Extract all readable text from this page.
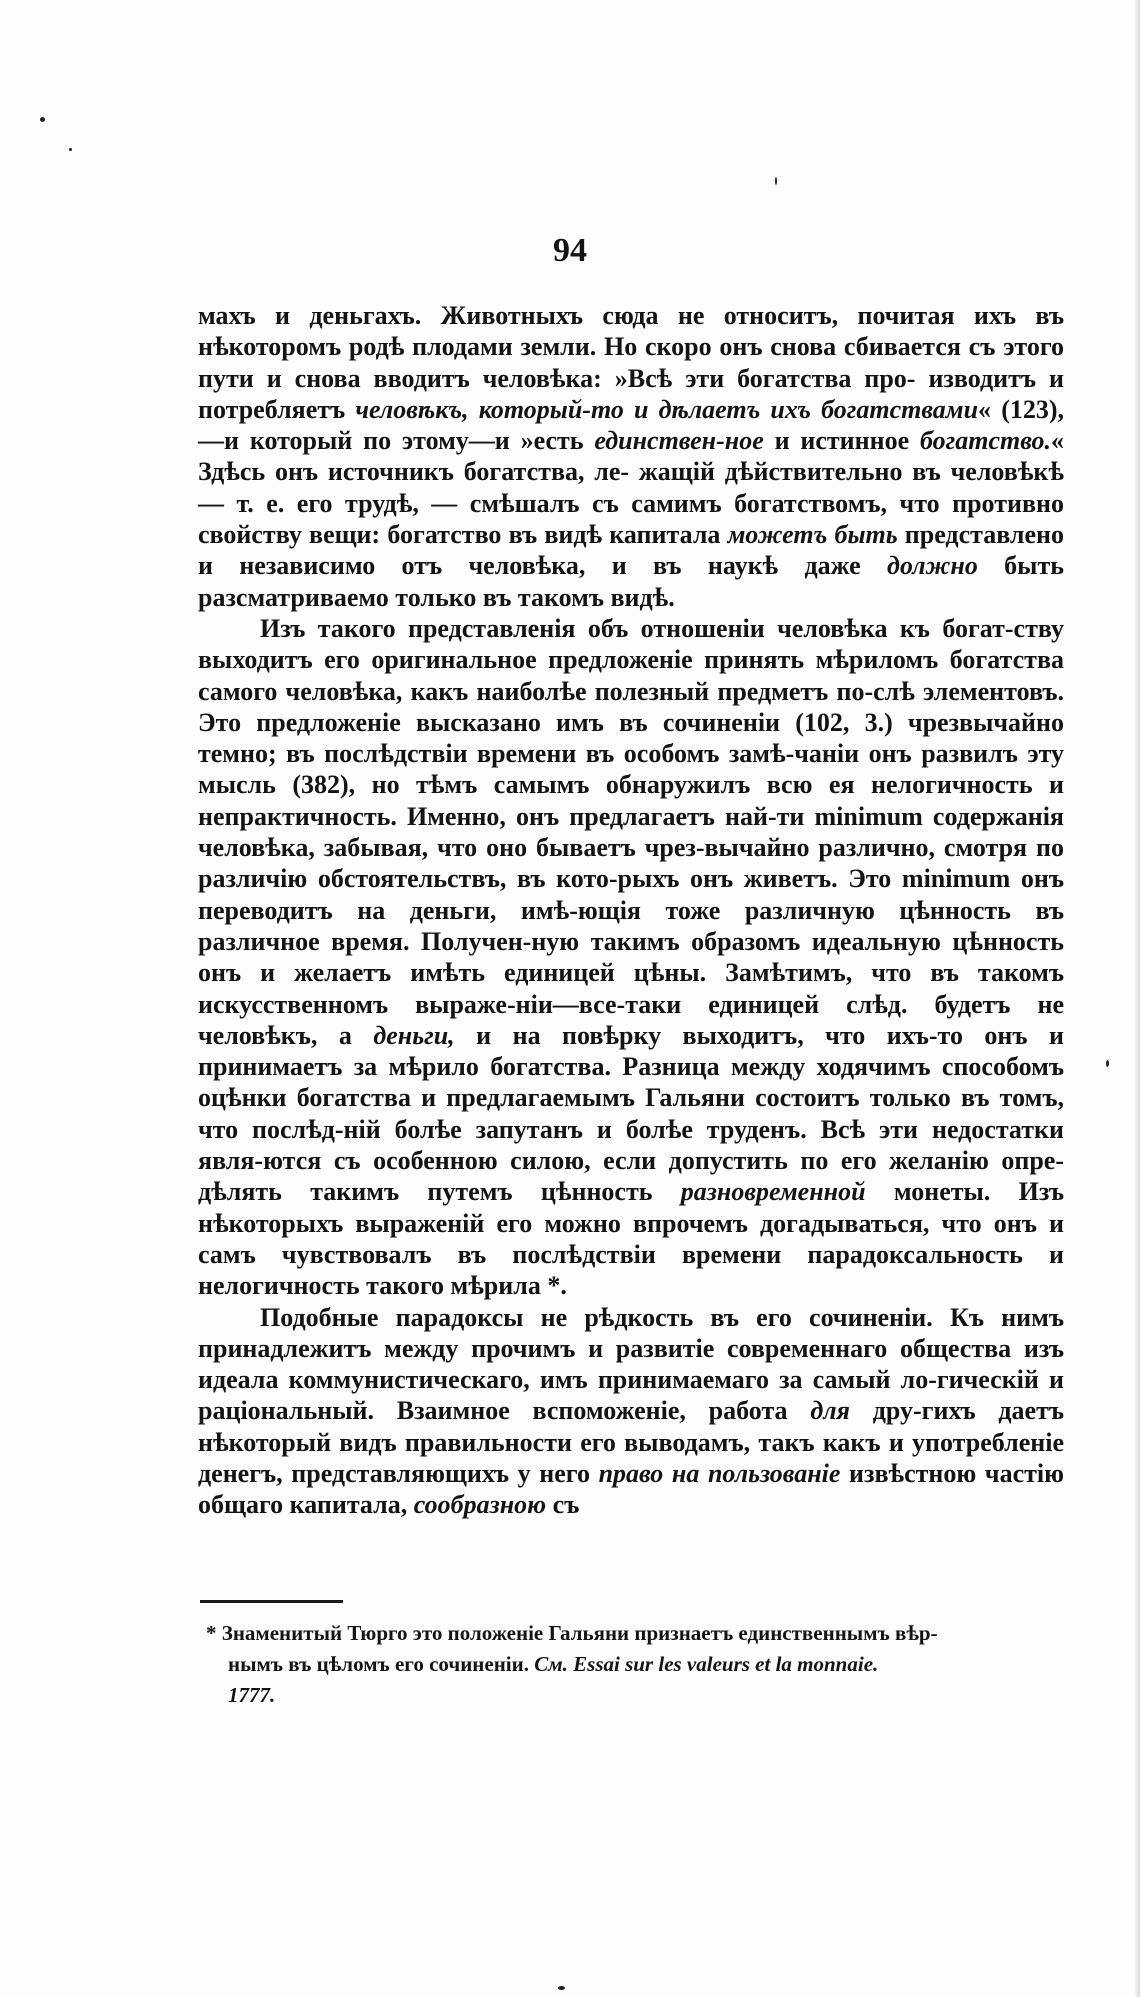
94

махъ и деньгахъ. Животныхъ сюда не относитъ, почитая ихъ въ нѣкоторомъ родѣ плодами земли. Но скоро онъ снова сбивается съ этого пути и снова вводитъ человѣка: »Всѣ эти богатства про- изводитъ и потребляетъ человѣкъ, который-то и дѣлаетъ ихъ богатствами« (123),—и который по этому—и »есть единствен-ное и истинное богатство.« Здѣсь онъ источникъ богатства, ле- жащій дѣйствительно въ человѣкѣ — т. е. его трудѣ, — смѣшалъ съ самимъ богатствомъ, что противно свойству вещи: богатство въ видѣ капитала можетъ быть представлено и независимо отъ человѣка, и въ наукѣ даже должно быть разсматриваемо только въ такомъ видѣ.

Изъ такого представленія объ отношеніи человѣка къ богат-ству выходитъ его оригинальное предложеніе принять мѣриломъ богатства самого человѣка, какъ наиболѣе полезный предметъ по-слѣ элементовъ. Это предложеніе высказано имъ въ сочиненіи (102, 3.) чрезвычайно темно; въ послѣдствіи времени въ особомъ замѣ-чаніи онъ развилъ эту мысль (382), но тѣмъ самымъ обнаружилъ всю ея нелогичность и непрактичность. Именно, онъ предлагаетъ най-ти minimum содержанія человѣка, забывая, что оно бываетъ чрез-вычайно различно, смотря по различію обстоятельствъ, въ кото-рыхъ онъ живетъ. Это minimum онъ переводитъ на деньги, имѣ-ющія тоже различную цѣнность въ различное время. Получен-ную такимъ образомъ идеальную цѣнность онъ и желаетъ имѣть единицей цѣны. Замѣтимъ, что въ такомъ искусственномъ выраже-ніи—все-таки единицей слѣд. будетъ не человѣкъ, а деньги, и на повѣрку выходитъ, что ихъ-то онъ и принимаетъ за мѣрило богатства. Разница между ходячимъ способомъ оцѣнки богатства и предлагаемымъ Гальяни состоитъ только въ томъ, что послѣд-ній болѣе запутанъ и болѣе труденъ. Всѣ эти недостатки явля-ются съ особенною силою, если допустить по его желанію опре-дѣлять такимъ путемъ цѣнность разновременной монеты. Изъ нѣкоторыхъ выраженій его можно впрочемъ догадываться, что онъ и самъ чувствовалъ въ послѣдствіи времени парадоксальность и нелогичность такого мѣрила *.

Подобные парадоксы не рѣдкость въ его сочиненіи. Къ нимъ принадлежитъ между прочимъ и развитіе современнаго общества изъ идеала коммунистическаго, имъ принимаемаго за самый ло-гическій и раціональный. Взаимное вспоможеніе, работа для дру-гихъ даетъ нѣкоторый видъ правильности его выводамъ, такъ какъ и употребленіе денегъ, представляющихъ у него право на пользованіе извѣстною частію общаго капитала, сообразною съ

* Знаменитый Тюрго это положеніе Гальяни признаетъ единственнымъ вѣр-
нымъ въ цѣломъ его сочиненіи. См. Essai sur les valeurs et la monnaie.
1777.
